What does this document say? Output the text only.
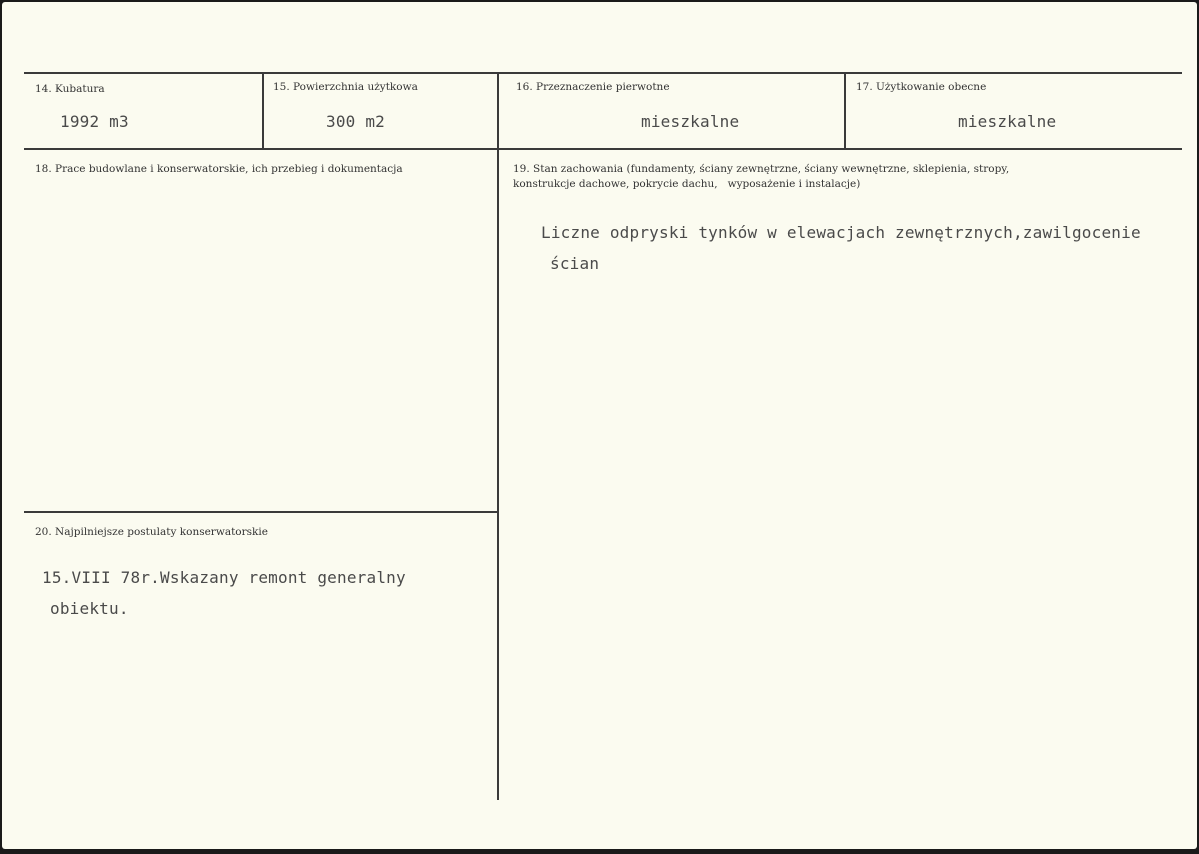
14. Kubatura
1992 m3
15. Powierzchnia użytkowa
300 m2
16. Przeznaczenie pierwotne
mieszkalne
17. Użytkowanie obecne
mieszkalne
18. Prace budowlane i konserwatorskie, ich przebieg i dokumentacja	19. Stan zachowania (fundamenty, ściany zewnętrzne, ściany wewnętrzne, sklepienia, stropy,
konstrukcje dachowe, pokrycie dachu,   wyposażenie i instalacje)
Liczne odpryski tynków w elewacjach zewnętrznych,zawilgocenie
ścian
20. Najpilniejsze postulaty konserwatorskie
15.VIII 78r.Wskazany remont generalny
obiektu.
